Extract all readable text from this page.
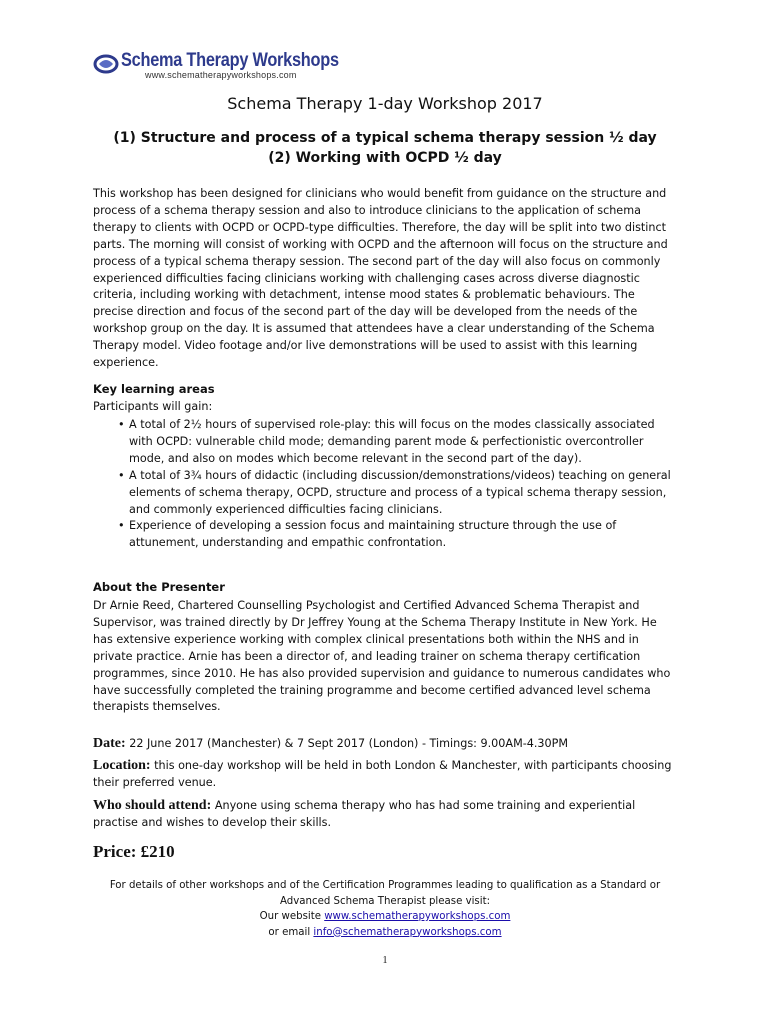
Schema Therapy Workshops
www.schematherapyworkshops.com
Schema Therapy 1-day Workshop 2017
(1) Structure and process of a typical schema therapy session ½ day
(2) Working with OCPD ½ day

This workshop has been designed for clinicians who would benefit from guidance on the structure and process of a schema therapy session and also to introduce clinicians to the application of schema therapy to clients with OCPD or OCPD-type difficulties. Therefore, the day will be split into two distinct parts. The morning will consist of working with OCPD and the afternoon will focus on the structure and process of a typical schema therapy session. The second part of the day will also focus on commonly experienced difficulties facing clinicians working with challenging cases across diverse diagnostic criteria, including working with detachment, intense mood states & problematic behaviours. The precise direction and focus of the second part of the day will be developed from the needs of the workshop group on the day. It is assumed that attendees have a clear understanding of the Schema Therapy model. Video footage and/or live demonstrations will be used to assist with this learning experience.

Key learning areas
Participants will gain:
• A total of 2½ hours of supervised role-play: this will focus on the modes classically associated with OCPD: vulnerable child mode; demanding parent mode & perfectionistic overcontroller mode, and also on modes which become relevant in the second part of the day).
• A total of 3¾ hours of didactic (including discussion/demonstrations/videos) teaching on general elements of schema therapy, OCPD, structure and process of a typical schema therapy session, and commonly experienced difficulties facing clinicians.
• Experience of developing a session focus and maintaining structure through the use of attunement, understanding and empathic confrontation.
About the Presenter

Dr Arnie Reed, Chartered Counselling Psychologist and Certified Advanced Schema Therapist and Supervisor, was trained directly by Dr Jeffrey Young at the Schema Therapy Institute in New York. He has extensive experience working with complex clinical presentations both within the NHS and in private practice. Arnie has been a director of, and leading trainer on schema therapy certification programmes, since 2010. He has also provided supervision and guidance to numerous candidates who have successfully completed the training programme and become certified advanced level schema therapists themselves.

Date: 22 June 2017 (Manchester) & 7 Sept 2017 (London) - Timings: 9.00AM-4.30PM
Location: this one-day workshop will be held in both London & Manchester, with participants choosing their preferred venue.
Who should attend: Anyone using schema therapy who has had some training and experiential practise and wishes to develop their skills.
Price: £210
For details of other workshops and of the Certification Programmes leading to qualification as a Standard or
Advanced Schema Therapist please visit:
Our website www.schematherapyworkshops.com
or email info@schematherapyworkshops.com
1
